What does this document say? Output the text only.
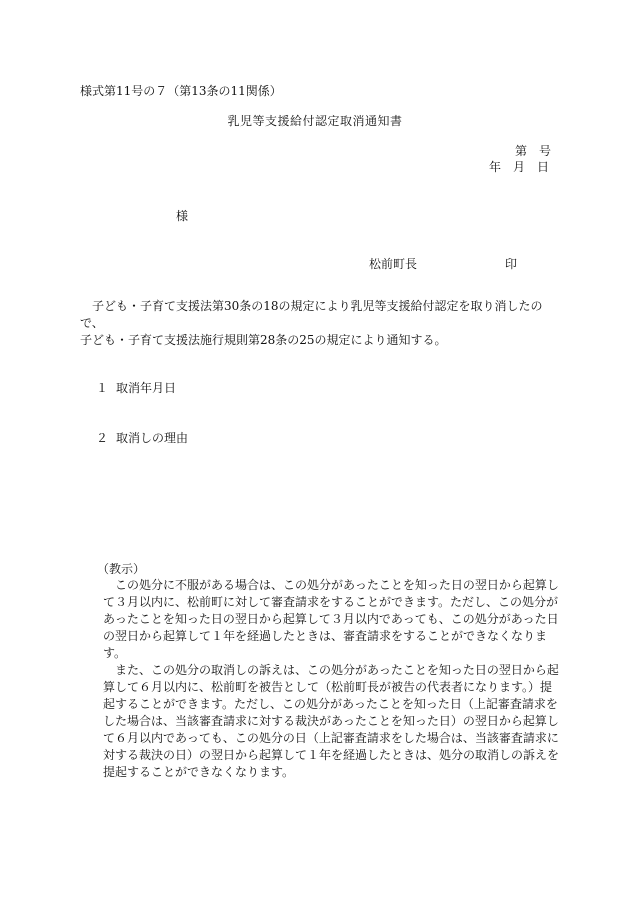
様式第11号の７（第13条の11関係）
乳児等支援給付認定取消通知書
第　号
年　月　日
様
松前町長	印

子ども・子育て支援法第30条の18の規定により乳児等支援給付認定を取り消したので、

子ども・子育て支援法施行規則第28条の25の規定により通知する。

１ 取消年月日
２ 取消しの理由
（教示）

この処分に不服がある場合は、この処分があったことを知った日の翌日から起算して３月以内に、松前町に対して審査請求をすることができます。ただし、この処分があったことを知った日の翌日から起算して３月以内であっても、この処分があった日の翌日から起算して１年を経過したときは、審査請求をすることができなくなります。

また、この処分の取消しの訴えは、この処分があったことを知った日の翌日から起算して６月以内に、松前町を被告として（松前町長が被告の代表者になります。）提起することができます。ただし、この処分があったことを知った日（上記審査請求をした場合は、当該審査請求に対する裁決があったことを知った日）の翌日から起算して６月以内であっても、この処分の日（上記審査請求をした場合は、当該審査請求に対する裁決の日）の翌日から起算して１年を経過したときは、処分の取消しの訴えを提起することができなくなります。
